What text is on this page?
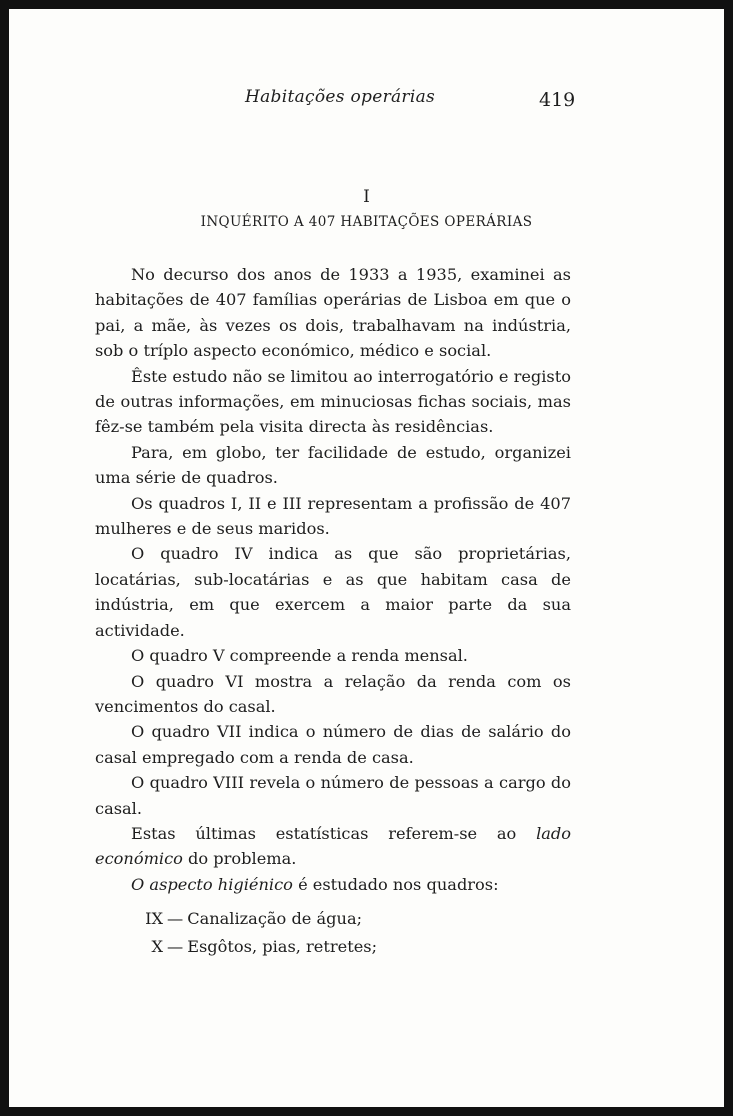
Habitações operárias	419
I
INQUÉRITO A 407 HABITAÇÕES OPERÁRIAS

No decurso dos anos de 1933 a 1935, examinei as habitações de 407 famílias operárias de Lisboa em que o pai, a mãe, às vezes os dois, trabalhavam na indústria, sob o tríplo aspecto económico, médico e social.

Êste estudo não se limitou ao interrogatório e registo de outras informações, em minuciosas fichas sociais, mas fêz-se também pela visita directa às residências.

Para, em globo, ter facilidade de estudo, organizei uma série de quadros.

Os quadros I, II e III representam a profissão de 407 mulheres e de seus maridos.

O quadro IV indica as que são proprietárias, locatárias, sub-locatárias e as que habitam casa de indústria, em que exercem a maior parte da sua actividade.

O quadro V compreende a renda mensal.

O quadro VI mostra a relação da renda com os vencimentos do casal.

O quadro VII indica o número de dias de salário do casal empregado com a renda de casa.

O quadro VIII revela o número de pessoas a cargo do casal.

Estas últimas estatísticas referem-se ao lado económico do problema.

O aspecto higiénico é estudado nos quadros:

IX — Canalização de água;
X — Esgôtos, pias, retretes;
